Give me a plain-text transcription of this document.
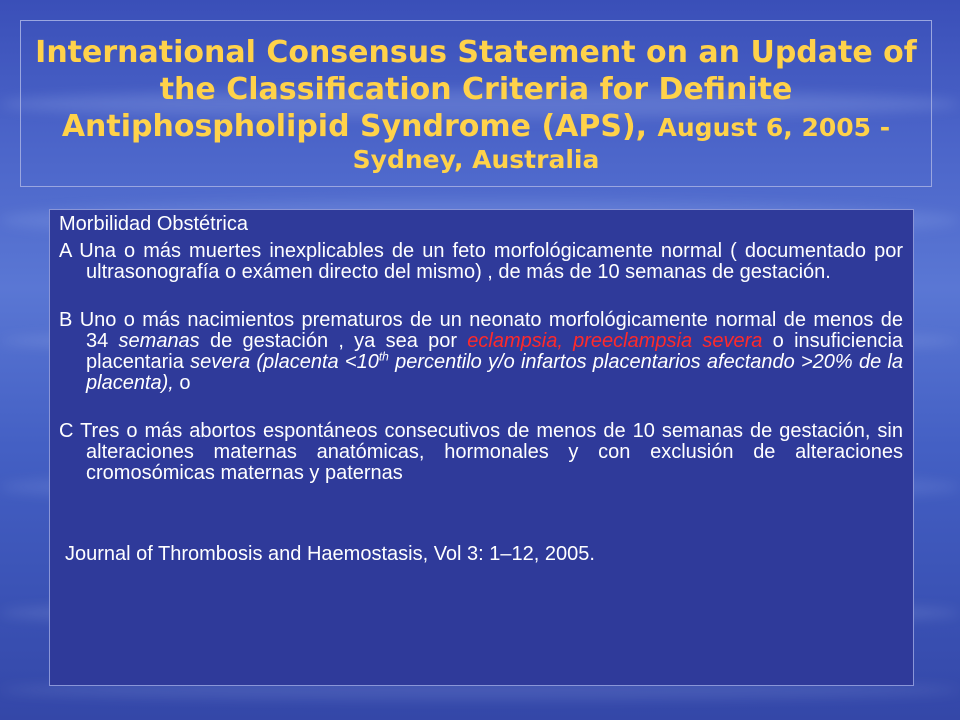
International Consensus Statement on an Update of the Classification Criteria for Definite Antiphospholipid Syndrome (APS), August 6, 2005 - Sydney, Australia
Morbilidad Obstétrica
A Una o más muertes inexplicables de un feto morfológicamente normal ( documentado por ultrasonografía o exámen directo del mismo) , de más de 10 semanas de gestación.
B Uno o más nacimientos prematuros de un neonato morfológicamente normal de menos de 34 semanas de gestación , ya sea por eclampsia, preeclampsia severa o insuficiencia placentaria severa (placenta <10th percentilo y/o infartos placentarios afectando >20% de la placenta), o
C Tres o más abortos espontáneos consecutivos de menos de 10 semanas de gestación, sin alteraciones maternas anatómicas, hormonales y con exclusión de alteraciones cromosómicas maternas y paternas
Journal of Thrombosis and Haemostasis, Vol 3: 1–12, 2005.
